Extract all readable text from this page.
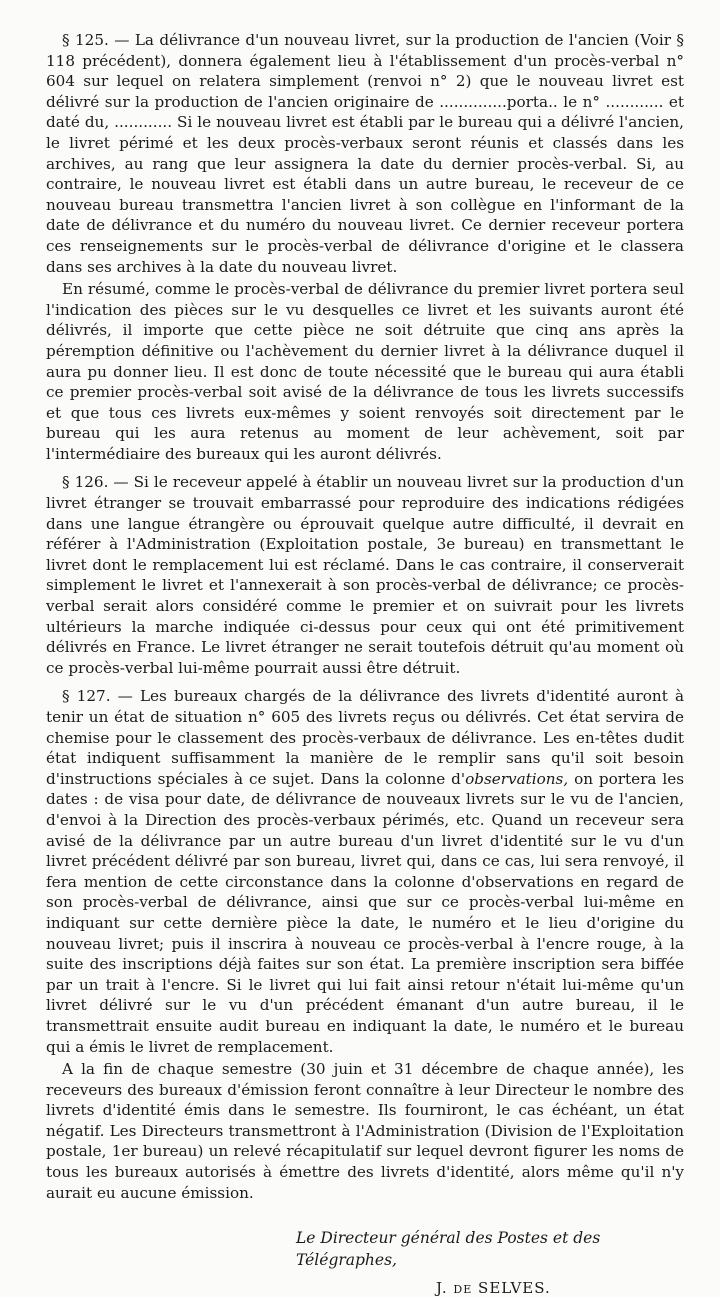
§ 125. — La délivrance d'un nouveau livret, sur la production de l'ancien (Voir § 118 précédent), donnera également lieu à l'établissement d'un procès-verbal n° 604 sur lequel on relatera simplement (renvoi n° 2) que le nouveau livret est délivré sur la production de l'ancien originaire de ..............porta.. le n° ............ et daté du, ............ Si le nouveau livret est établi par le bureau qui a délivré l'ancien, le livret périmé et les deux procès-verbaux seront réunis et classés dans les archives, au rang que leur assignera la date du dernier procès-verbal. Si, au contraire, le nouveau livret est établi dans un autre bureau, le receveur de ce nouveau bureau transmettra l'ancien livret à son collègue en l'informant de la date de délivrance et du numéro du nouveau livret. Ce dernier receveur portera ces renseignements sur le procès-verbal de délivrance d'origine et le classera dans ses archives à la date du nouveau livret.

En résumé, comme le procès-verbal de délivrance du premier livret portera seul l'indication des pièces sur le vu desquelles ce livret et les suivants auront été délivrés, il importe que cette pièce ne soit détruite que cinq ans après la péremption définitive ou l'achèvement du dernier livret à la délivrance duquel il aura pu donner lieu. Il est donc de toute nécessité que le bureau qui aura établi ce premier procès-verbal soit avisé de la délivrance de tous les livrets successifs et que tous ces livrets eux-mêmes y soient renvoyés soit directement par le bureau qui les aura retenus au moment de leur achèvement, soit par l'intermédiaire des bureaux qui les auront délivrés.

§ 126. — Si le receveur appelé à établir un nouveau livret sur la production d'un livret étranger se trouvait embarrassé pour reproduire des indications rédigées dans une langue étrangère ou éprouvait quelque autre difficulté, il devrait en référer à l'Administration (Exploitation postale, 3e bureau) en transmettant le livret dont le remplacement lui est réclamé. Dans le cas contraire, il conserverait simplement le livret et l'annexerait à son procès-verbal de délivrance; ce procès-verbal serait alors considéré comme le premier et on suivrait pour les livrets ultérieurs la marche indiquée ci-dessus pour ceux qui ont été primitivement délivrés en France. Le livret étranger ne serait toutefois détruit qu'au moment où ce procès-verbal lui-même pourrait aussi être détruit.

§ 127. — Les bureaux chargés de la délivrance des livrets d'identité auront à tenir un état de situation n° 605 des livrets reçus ou délivrés. Cet état servira de chemise pour le classement des procès-verbaux de délivrance. Les en-têtes dudit état indiquent suffisamment la manière de le remplir sans qu'il soit besoin d'instructions spéciales à ce sujet. Dans la colonne d'observations, on portera les dates : de visa pour date, de délivrance de nouveaux livrets sur le vu de l'ancien, d'envoi à la Direction des procès-verbaux périmés, etc. Quand un receveur sera avisé de la délivrance par un autre bureau d'un livret d'identité sur le vu d'un livret précédent délivré par son bureau, livret qui, dans ce cas, lui sera renvoyé, il fera mention de cette circonstance dans la colonne d'observations en regard de son procès-verbal de délivrance, ainsi que sur ce procès-verbal lui-même en indiquant sur cette dernière pièce la date, le numéro et le lieu d'origine du nouveau livret; puis il inscrira à nouveau ce procès-verbal à l'encre rouge, à la suite des inscriptions déjà faites sur son état. La première inscription sera biffée par un trait à l'encre. Si le livret qui lui fait ainsi retour n'était lui-même qu'un livret délivré sur le vu d'un précédent émanant d'un autre bureau, il le transmettrait ensuite audit bureau en indiquant la date, le numéro et le bureau qui a émis le livret de remplacement.

A la fin de chaque semestre (30 juin et 31 décembre de chaque année), les receveurs des bureaux d'émission feront connaître à leur Directeur le nombre des livrets d'identité émis dans le semestre. Ils fourniront, le cas échéant, un état négatif. Les Directeurs transmettront à l'Administration (Division de l'Exploitation postale, 1er bureau) un relevé récapitulatif sur lequel devront figurer les noms de tous les bureaux autorisés à émettre des livrets d'identité, alors même qu'il n'y aurait eu aucune émission.

Le Directeur général des Postes et des Télégraphes,
J. de SELVES.
